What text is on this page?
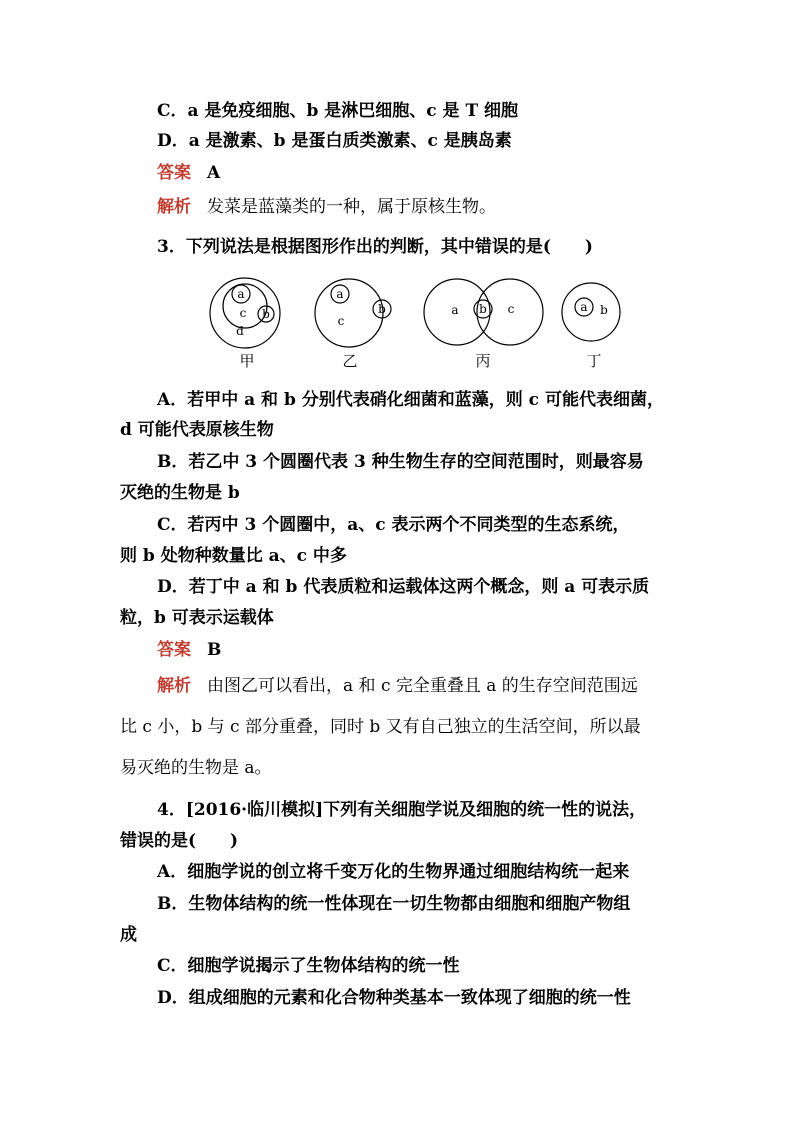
C．a 是免疫细胞、b 是淋巴细胞、c 是 T 细胞
D．a 是激素、b 是蛋白质类激素、c 是胰岛素
答案 A
解析 发菜是蓝藻类的一种，属于原核生物。
3．下列说法是根据图形作出的判断，其中错误的是(　　)
a
c b
d
a
c
b	a b c	a b
甲	乙	丙	丁
A．若甲中 a 和 b 分别代表硝化细菌和蓝藻，则 c 可能代表细菌，
d 可能代表原核生物
B．若乙中 3 个圆圈代表 3 种生物生存的空间范围时，则最容易
灭绝的生物是 b
C．若丙中 3 个圆圈中，a、c 表示两个不同类型的生态系统，
则 b 处物种数量比 a、c 中多
D．若丁中 a 和 b 代表质粒和运载体这两个概念，则 a 可表示质
粒，b 可表示运载体
答案 B
解析 由图乙可以看出，a 和 c 完全重叠且 a 的生存空间范围远
比 c 小，b 与 c 部分重叠，同时 b 又有自己独立的生活空间，所以最
易灭绝的生物是 a。
4．[2016·临川模拟]下列有关细胞学说及细胞的统一性的说法，
错误的是(　　)
A．细胞学说的创立将千变万化的生物界通过细胞结构统一起来
B．生物体结构的统一性体现在一切生物都由细胞和细胞产物组
成
C．细胞学说揭示了生物体结构的统一性
D．组成细胞的元素和化合物种类基本一致体现了细胞的统一性
